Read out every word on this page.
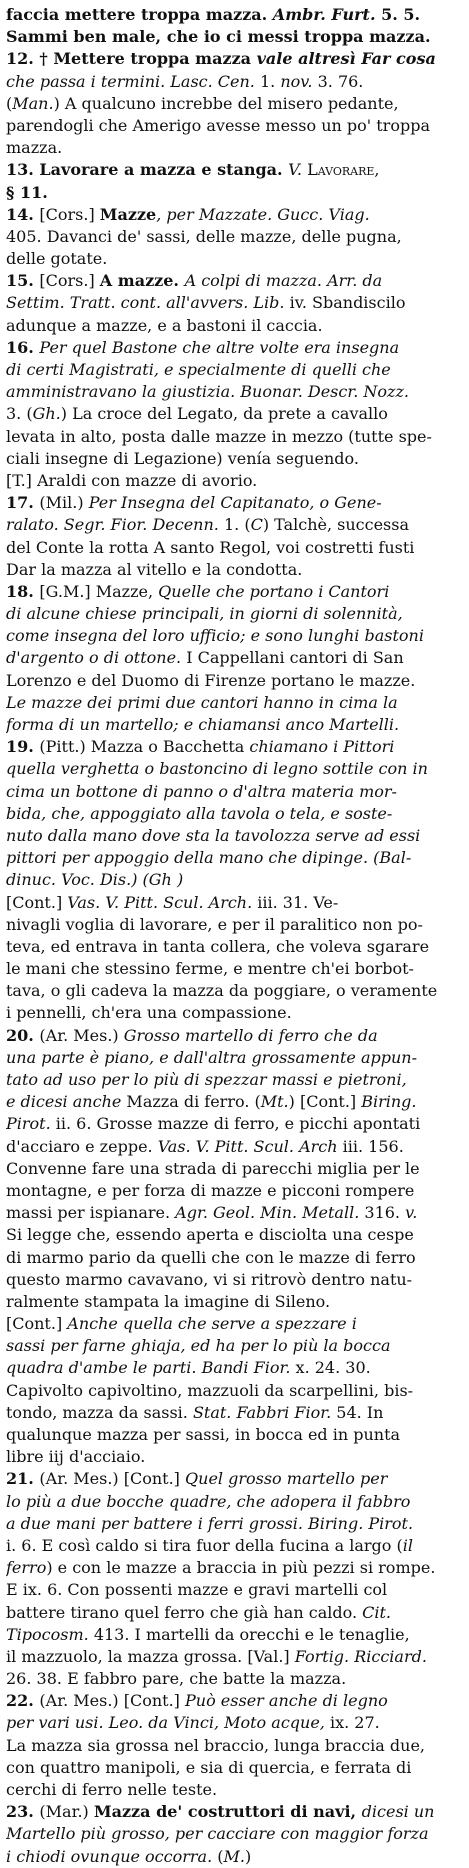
faccia mettere troppa mazza. Ambr. Furt. 5. 5.
Sammi ben male, che io ci messi troppa mazza.
12. † Mettere troppa mazza vale altresì Far cosa
che passa i termini. Lasc. Cen. 1. nov. 3. 76.
(Man.) A qualcuno increbbe del misero pedante,
parendogli che Amerigo avesse messo un po' troppa
mazza.
13. Lavorare a mazza e stanga. V. Lavorare,
§ 11.
14. [Cors.] Mazze, per Mazzate. Gucc. Viag.
405. Davanci de' sassi, delle mazze, delle pugna,
delle gotate.
15. [Cors.] A mazze. A colpi di mazza. Arr. da
Settim. Tratt. cont. all'avvers. Lib. iv. Sbandiscilo
adunque a mazze, e a bastoni il caccia.
16. Per quel Bastone che altre volte era insegna
di certi Magistrati, e specialmente di quelli che
amministravano la giustizia. Buonar. Descr. Nozz.
3. (Gh.) La croce del Legato, da prete a cavallo
levata in alto, posta dalle mazze in mezzo (tutte spe-
ciali insegne di Legazione) venía seguendo.
[T.] Araldi con mazze di avorio.
17. (Mil.) Per Insegna del Capitanato, o Gene-
ralato. Segr. Fior. Decenn. 1. (C) Talchè, successa
del Conte la rotta A santo Regol, voi costretti fusti
Dar la mazza al vitello e la condotta.
18. [G.M.] Mazze, Quelle che portano i Cantori
di alcune chiese principali, in giorni di solennità,
come insegna del loro ufficio; e sono lunghi bastoni
d'argento o di ottone. I Cappellani cantori di San
Lorenzo e del Duomo di Firenze portano le mazze.
Le mazze dei primi due cantori hanno in cima la
forma di un martello; e chiamansi anco Martelli.
19. (Pitt.) Mazza o Bacchetta chiamano i Pittori
quella verghetta o bastoncino di legno sottile con in
cima un bottone di panno o d'altra materia mor-
bida, che, appoggiato alla tavola o tela, e soste-
nuto dalla mano dove sta la tavolozza serve ad essi
pittori per appoggio della mano che dipinge. (Bal-
dinuc. Voc. Dis.) (Gh )
[Cont.] Vas. V. Pitt. Scul. Arch. iii. 31. Ve-
nivagli voglia di lavorare, e per il paralitico non po-
teva, ed entrava in tanta collera, che voleva sgarare
le mani che stessino ferme, e mentre ch'ei borbot-
tava, o gli cadeva la mazza da poggiare, o veramente
i pennelli, ch'era una compassione.
20. (Ar. Mes.) Grosso martello di ferro che da
una parte è piano, e dall'altra grossamente appun-
tato ad uso per lo più di spezzar massi e pietroni,
e dicesi anche Mazza di ferro. (Mt.) [Cont.] Biring.
Pirot. ii. 6. Grosse mazze di ferro, e picchi apontati
d'acciaro e zeppe. Vas. V. Pitt. Scul. Arch iii. 156.
Convenne fare una strada di parecchi miglia per le
montagne, e per forza di mazze e picconi rompere
massi per ispianare. Agr. Geol. Min. Metall. 316. v.
Si legge che, essendo aperta e disciolta una cespe
di marmo pario da quelli che con le mazze di ferro
questo marmo cavavano, vi si ritrovò dentro natu-
ralmente stampata la imagine di Sileno.
[Cont.] Anche quella che serve a spezzare i
sassi per farne ghiaja, ed ha per lo più la bocca
quadra d'ambe le parti. Bandi Fior. x. 24. 30.
Capivolto capivoltino, mazzuoli da scarpellini, bis-
tondo, mazza da sassi. Stat. Fabbri Fior. 54. In
qualunque mazza per sassi, in bocca ed in punta
libre iij d'acciaio.
21. (Ar. Mes.) [Cont.] Quel grosso martello per
lo più a due bocche quadre, che adopera il fabbro
a due mani per battere i ferri grossi. Biring. Pirot.
i. 6. E così caldo si tira fuor della fucina a largo (il
ferro) e con le mazze a braccia in più pezzi si rompe.
E ix. 6. Con possenti mazze e gravi martelli col
battere tirano quel ferro che già han caldo. Cit.
Tipocosm. 413. I martelli da orecchi e le tenaglie,
il mazzuolo, la mazza grossa. [Val.] Fortig. Ricciard.
26. 38. E fabbro pare, che batte la mazza.
22. (Ar. Mes.) [Cont.] Può esser anche di legno
per vari usi. Leo. da Vinci, Moto acque, ix. 27.
La mazza sia grossa nel braccio, lunga braccia due,
con quattro manipoli, e sia di quercia, e ferrata di
cerchi di ferro nelle teste.
23. (Mar.) Mazza de' costruttori di navi, dicesi un
Martello più grosso, per cacciare con maggior forza
i chiodi ovunque occorra. (M.)
